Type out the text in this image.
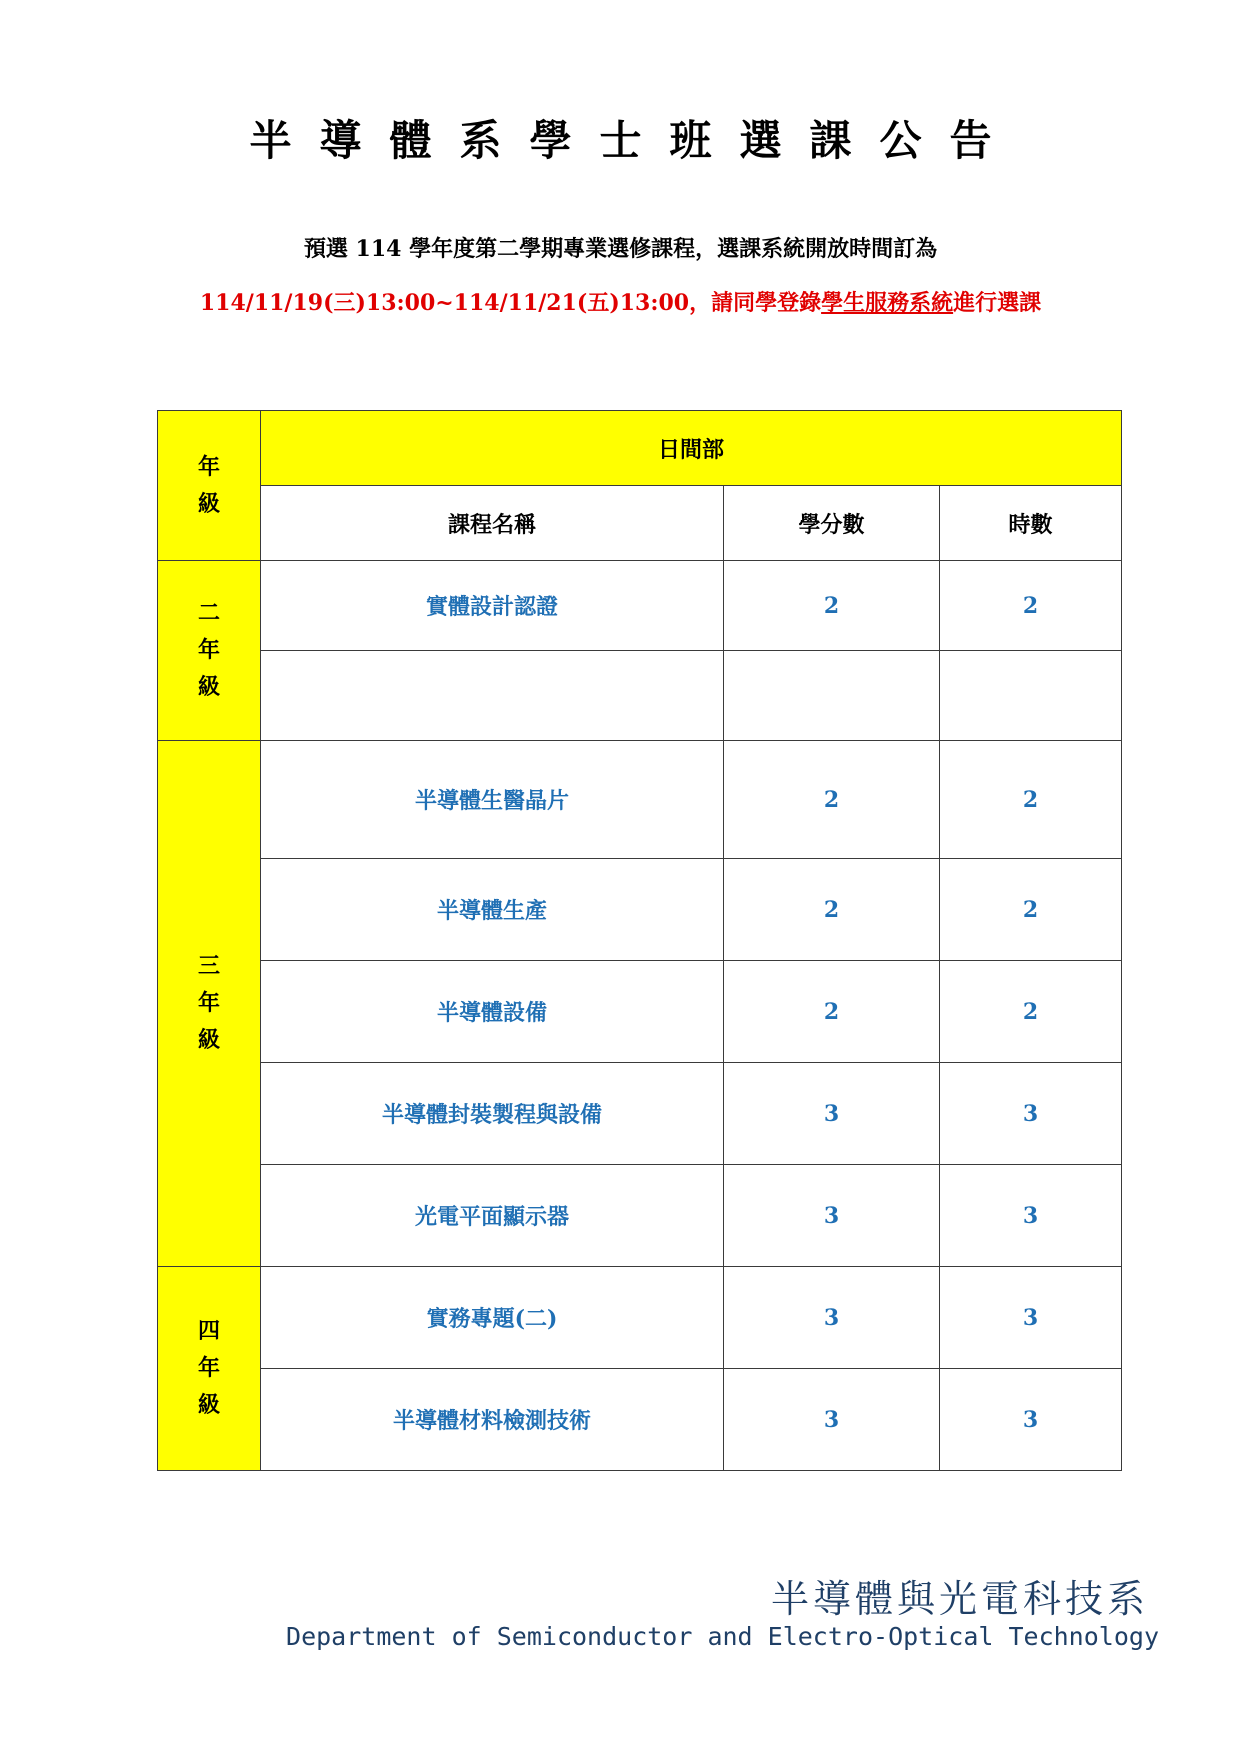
半導體系學士班選課公告
預選 114 學年度第二學期專業選修課程，選課系統開放時間訂為
114/11/19(三)13:00~114/11/21(五)13:00，請同學登錄學生服務系統進行選課
年
級	日間部		
	課程名稱	學分數	時數
二
年
級	實體設計認證	2	2

三
年
級	半導體生醫晶片	2	2
	半導體生產	2	2
	半導體設備	2	2
	半導體封裝製程與設備	3	3
	光電平面顯示器	3	3
四
年
級	實務專題(二)	3	3
	半導體材料檢測技術	3	3
半導體與光電科技系
Department of Semiconductor and Electro-Optical Technology
